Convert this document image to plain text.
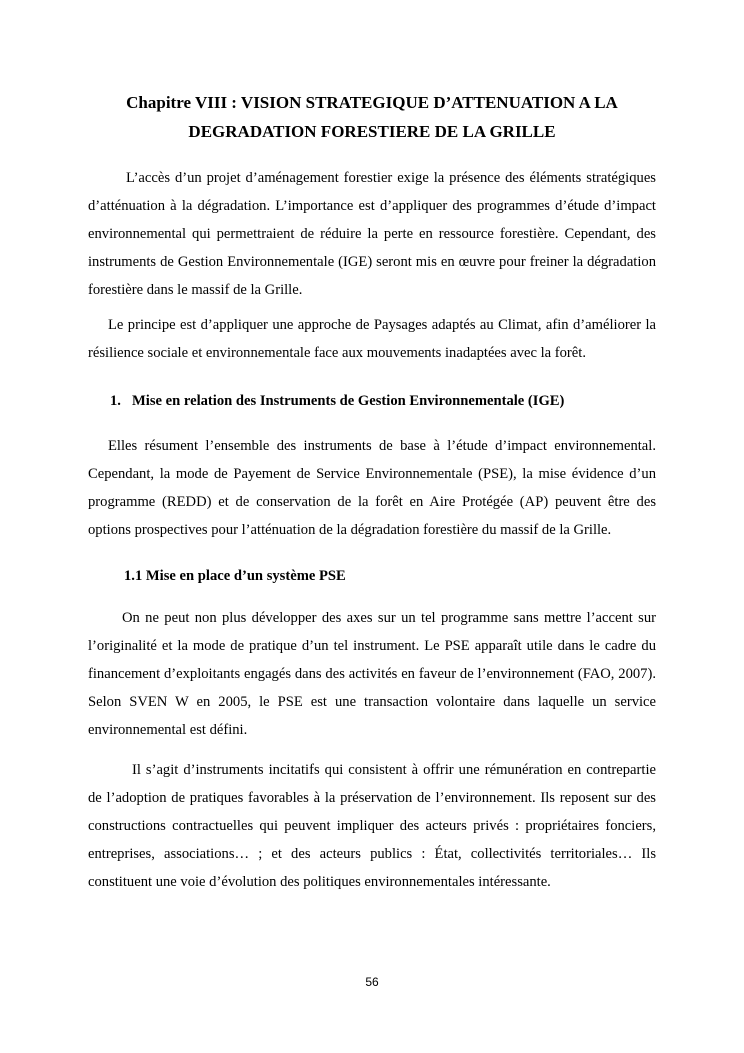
Chapitre VIII : VISION STRATEGIQUE D’ATTENUATION A LA
DEGRADATION FORESTIERE DE LA GRILLE

L’accès d’un projet d’aménagement forestier exige la présence des éléments stratégiques d’atténuation à la dégradation. L’importance est d’appliquer des programmes d’étude d’impact environnemental qui permettraient de réduire la perte en ressource forestière. Cependant, des instruments de Gestion Environnementale (IGE) seront mis en œuvre pour freiner la dégradation forestière dans le massif de la Grille.

Le principe est d’appliquer une approche de Paysages adaptés au Climat, afin d’améliorer la résilience sociale et environnementale face aux mouvements inadaptées avec la forêt.

1. Mise en relation des Instruments de Gestion Environnementale (IGE)

Elles résument l’ensemble des instruments de base à l’étude d’impact environnemental. Cependant, la mode de Payement de Service Environnementale (PSE), la mise évidence d’un programme (REDD) et de conservation de la forêt en Aire Protégée (AP) peuvent être des options prospectives pour l’atténuation de la dégradation forestière du massif de la Grille.

1.1 Mise en place d’un système PSE

On ne peut non plus développer des axes sur un tel programme sans mettre l’accent sur l’originalité et la mode de pratique d’un tel instrument. Le PSE apparaît utile dans le cadre du financement d’exploitants engagés dans des activités en faveur de l’environnement (FAO, 2007). Selon SVEN W en 2005, le PSE est une transaction volontaire dans laquelle un service environnemental est défini.

Il s’agit d’instruments incitatifs qui consistent à offrir une rémunération en contrepartie de l’adoption de pratiques favorables à la préservation de l’environnement. Ils reposent sur des constructions contractuelles qui peuvent impliquer des acteurs privés : propriétaires fonciers, entreprises, associations… ; et des acteurs publics : État, collectivités territoriales… Ils constituent une voie d’évolution des politiques environnementales intéressante.

56
